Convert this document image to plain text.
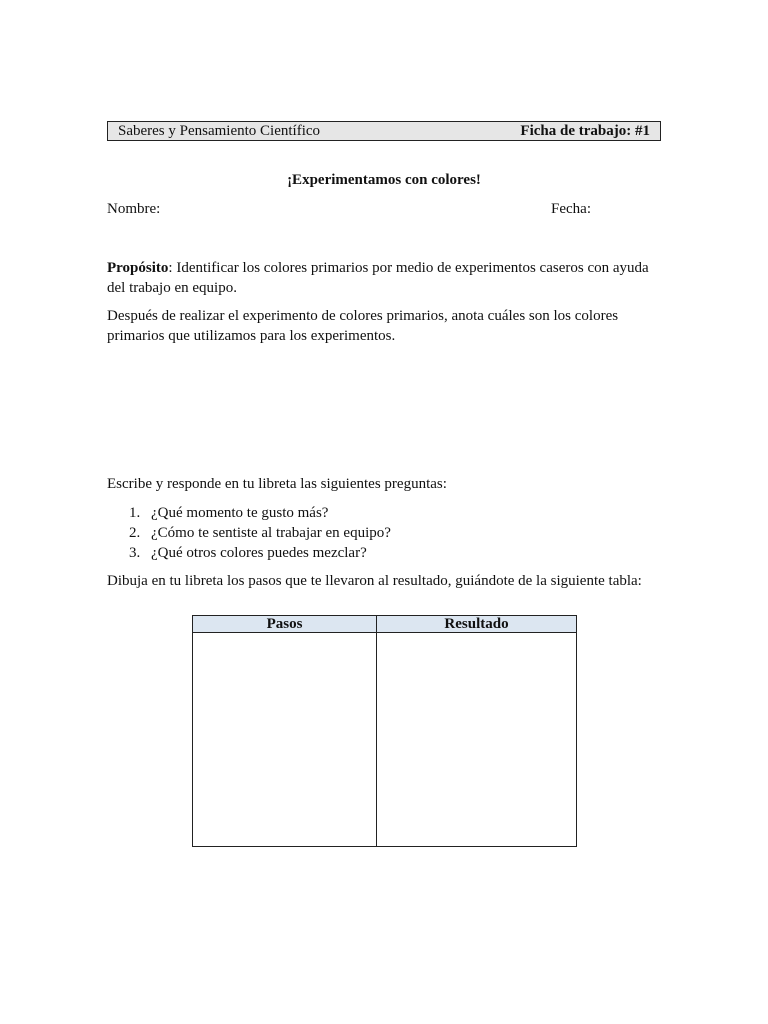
Saberes y Pensamiento Científico	Ficha de trabajo: #1
¡Experimentamos con colores!
Nombre:	Fecha:

Propósito: Identificar los colores primarios por medio de experimentos caseros con ayuda del trabajo en equipo.

Después de realizar el experimento de colores primarios, anota cuáles son los colores primarios que utilizamos para los experimentos.

Escribe y responde en tu libreta las siguientes preguntas:

1. ¿Qué momento te gusto más?
2. ¿Cómo te sentiste al trabajar en equipo?
3. ¿Qué otros colores puedes mezclar?

Dibuja en tu libreta los pasos que te llevaron al resultado, guiándote de la siguiente tabla:

Pasos	Resultado
